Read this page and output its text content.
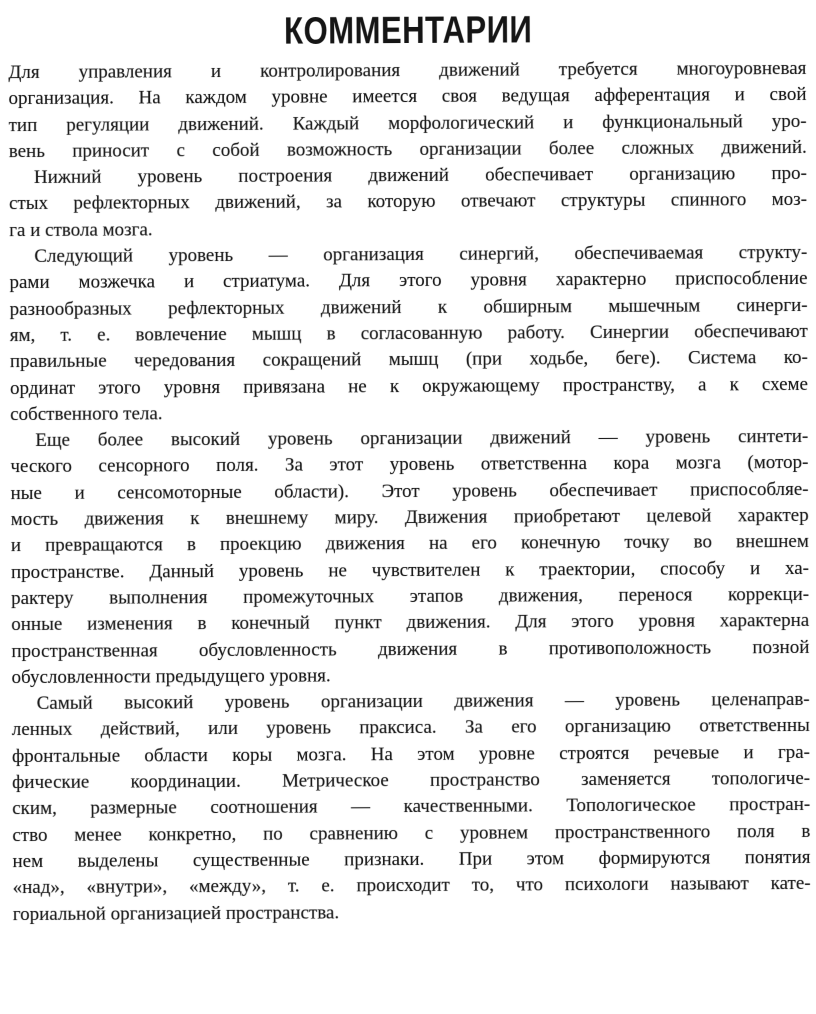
КОММЕНТАРИИ
Для управления и контролирования движений требуется многоуровневая
организация. На каждом уровне имеется своя ведущая афферентация и свой
тип регуляции движений. Каждый морфологический и функциональный уро-
вень приносит с собой возможность организации более сложных движений.
Нижний уровень построения движений обеспечивает организацию про-
стых рефлекторных движений, за которую отвечают структуры спинного моз-
га и ствола мозга.
Следующий уровень — организация синергий, обеспечиваемая структу-
рами мозжечка и стриатума. Для этого уровня характерно приспособление
разнообразных рефлекторных движений к обширным мышечным синерги-
ям, т. е. вовлечение мышц в согласованную работу. Синергии обеспечивают
правильные чередования сокращений мышц (при ходьбе, беге). Система ко-
ординат этого уровня привязана не к окружающему пространству, а к схеме
собственного тела.
Еще более высокий уровень организации движений — уровень синтети-
ческого сенсорного поля. За этот уровень ответственна кора мозга (мотор-
ные и сенсомоторные области). Этот уровень обеспечивает приспособляе-
мость движения к внешнему миру. Движения приобретают целевой характер
и превращаются в проекцию движения на его конечную точку во внешнем
пространстве. Данный уровень не чувствителен к траектории, способу и ха-
рактеру выполнения промежуточных этапов движения, перенося коррекци-
онные изменения в конечный пункт движения. Для этого уровня характерна
пространственная обусловленность движения в противоположность позной
обусловленности предыдущего уровня.
Самый высокий уровень организации движения — уровень целенаправ-
ленных действий, или уровень праксиса. За его организацию ответственны
фронтальные области коры мозга. На этом уровне строятся речевые и гра-
фические координации. Метрическое пространство заменяется топологиче-
ским, размерные соотношения — качественными. Топологическое простран-
ство менее конкретно, по сравнению с уровнем пространственного поля в
нем выделены существенные признаки. При этом формируются понятия
«над», «внутри», «между», т. е. происходит то, что психологи называют кате-
гориальной организацией пространства.
